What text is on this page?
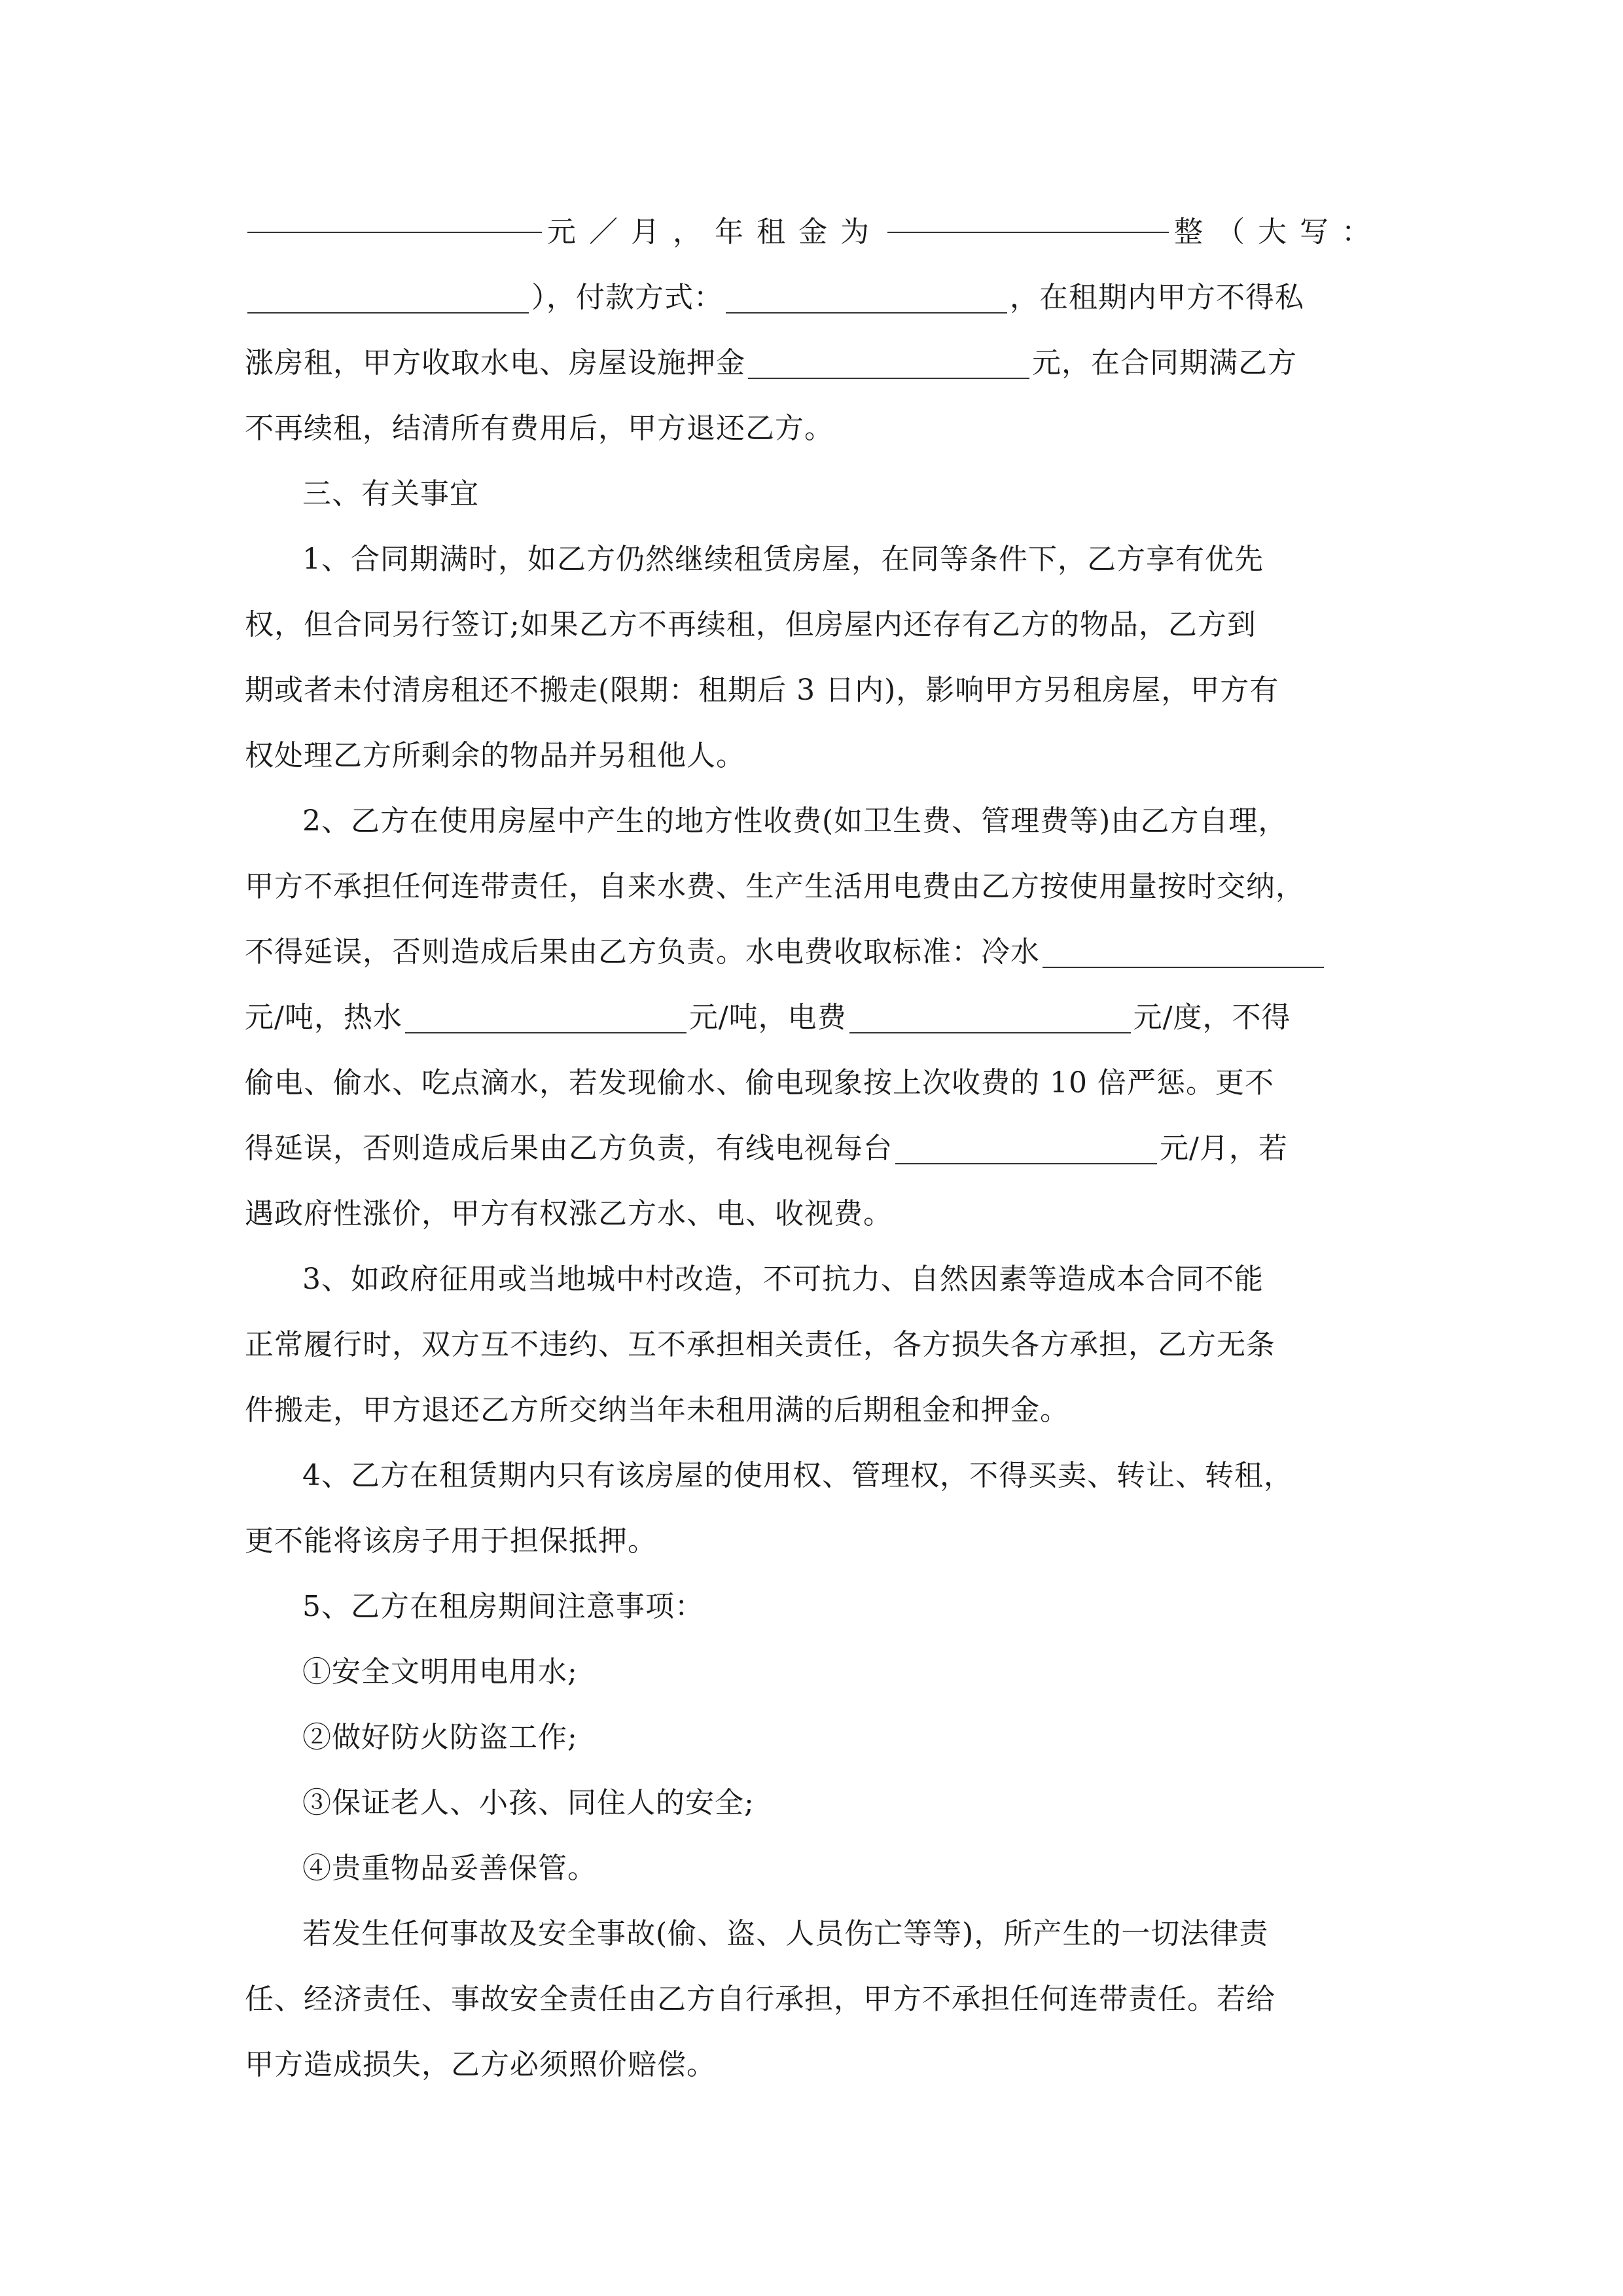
元／月，年租金为	整（大写：
），付款方式：	，在租期内甲方不得私
涨房租，甲方收取水电、房屋设施押金	元，在合同期满乙方
不再续租，结清所有费用后，甲方退还乙方。
三、有关事宜
1、合同期满时，如乙方仍然继续租赁房屋，在同等条件下，乙方享有优先
权，但合同另行签订;如果乙方不再续租，但房屋内还存有乙方的物品，乙方到
期或者未付清房租还不搬走(限期：租期后 3 日内)，影响甲方另租房屋，甲方有
权处理乙方所剩余的物品并另租他人。
2、乙方在使用房屋中产生的地方性收费(如卫生费、管理费等)由乙方自理，
甲方不承担任何连带责任，自来水费、生产生活用电费由乙方按使用量按时交纳，
不得延误，否则造成后果由乙方负责。水电费收取标准：冷水
元/吨，热水	元/吨，电费	元/度，不得
偷电、偷水、吃点滴水，若发现偷水、偷电现象按上次收费的 10 倍严惩。更不
得延误，否则造成后果由乙方负责，有线电视每台	元/月，若
遇政府性涨价，甲方有权涨乙方水、电、收视费。
3、如政府征用或当地城中村改造，不可抗力、自然因素等造成本合同不能
正常履行时，双方互不违约、互不承担相关责任，各方损失各方承担，乙方无条
件搬走，甲方退还乙方所交纳当年未租用满的后期租金和押金。
4、乙方在租赁期内只有该房屋的使用权、管理权，不得买卖、转让、转租，
更不能将该房子用于担保抵押。
5、乙方在租房期间注意事项：
①安全文明用电用水;
②做好防火防盗工作;
③保证老人、小孩、同住人的安全;
④贵重物品妥善保管。
若发生任何事故及安全事故(偷、盗、人员伤亡等等)，所产生的一切法律责
任、经济责任、事故安全责任由乙方自行承担，甲方不承担任何连带责任。若给
甲方造成损失，乙方必须照价赔偿。
